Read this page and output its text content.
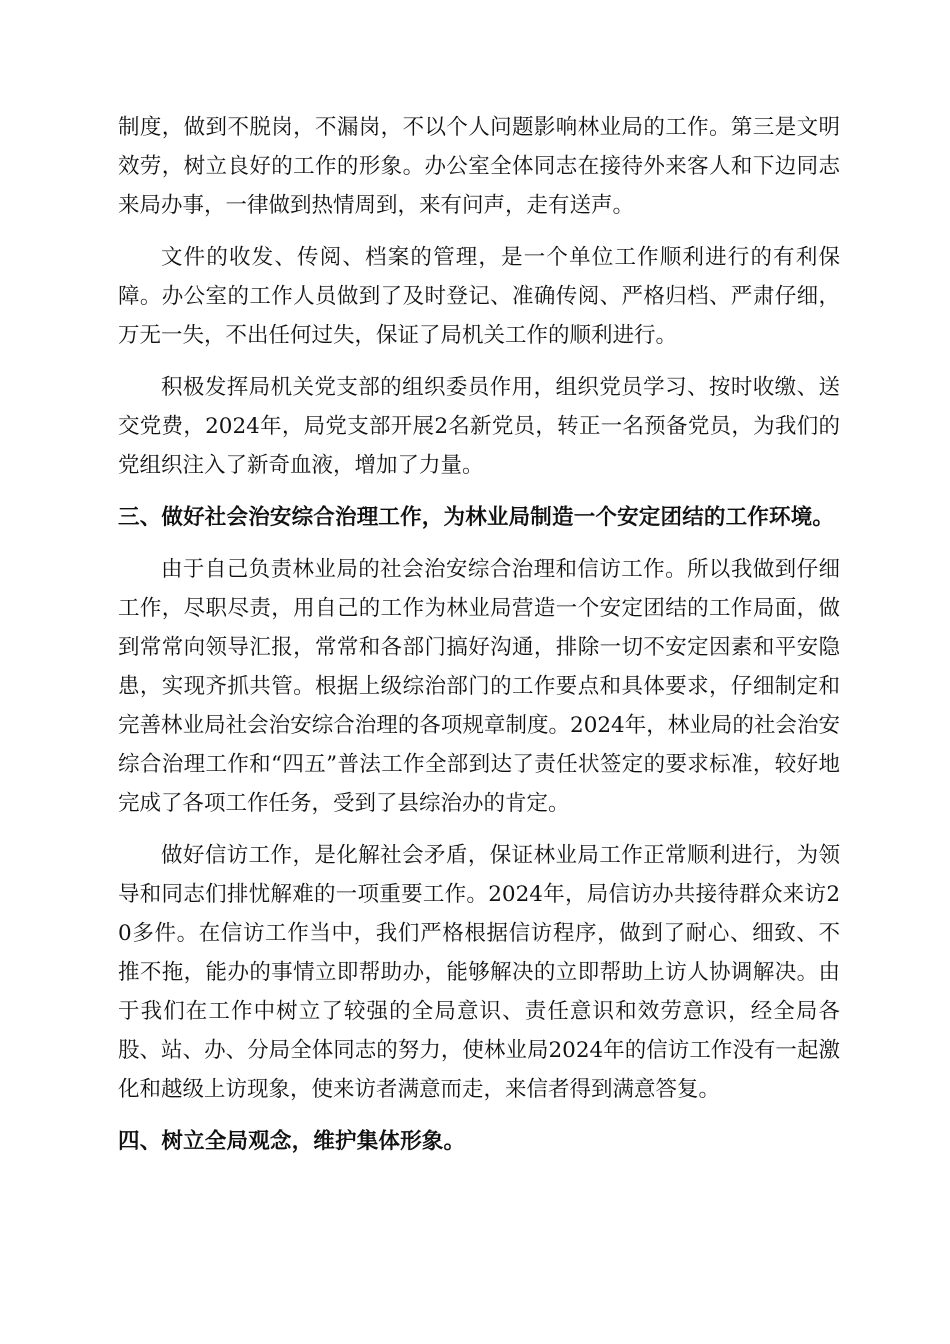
制度，做到不脱岗，不漏岗，不以个人问题影响林业局的工作。第三是文明效劳，树立良好的工作的形象。办公室全体同志在接待外来客人和下边同志来局办事，一律做到热情周到，来有问声，走有送声。

文件的收发、传阅、档案的管理，是一个单位工作顺利进行的有利保障。办公室的工作人员做到了及时登记、准确传阅、严格归档、严肃仔细，万无一失，不出任何过失，保证了局机关工作的顺利进行。

积极发挥局机关党支部的组织委员作用，组织党员学习、按时收缴、送交党费，2024年，局党支部开展2名新党员，转正一名预备党员，为我们的党组织注入了新奇血液，增加了力量。

三、做好社会治安综合治理工作，为林业局制造一个安定团结的工作环境。

由于自己负责林业局的社会治安综合治理和信访工作。所以我做到仔细工作，尽职尽责，用自己的工作为林业局营造一个安定团结的工作局面，做到常常向领导汇报，常常和各部门搞好沟通，排除一切不安定因素和平安隐患，实现齐抓共管。根据上级综治部门的工作要点和具体要求，仔细制定和完善林业局社会治安综合治理的各项规章制度。2024年，林业局的社会治安综合治理工作和“四五”普法工作全部到达了责任状签定的要求标准，较好地完成了各项工作任务，受到了县综治办的肯定。

做好信访工作，是化解社会矛盾，保证林业局工作正常顺利进行，为领导和同志们排忧解难的一项重要工作。2024年，局信访办共接待群众来访20多件。在信访工作当中，我们严格根据信访程序，做到了耐心、细致、不推不拖，能办的事情立即帮助办，能够解决的立即帮助上访人协调解决。由于我们在工作中树立了较强的全局意识、责任意识和效劳意识，经全局各股、站、办、分局全体同志的努力，使林业局2024年的信访工作没有一起激化和越级上访现象，使来访者满意而走，来信者得到满意答复。

四、树立全局观念，维护集体形象。
